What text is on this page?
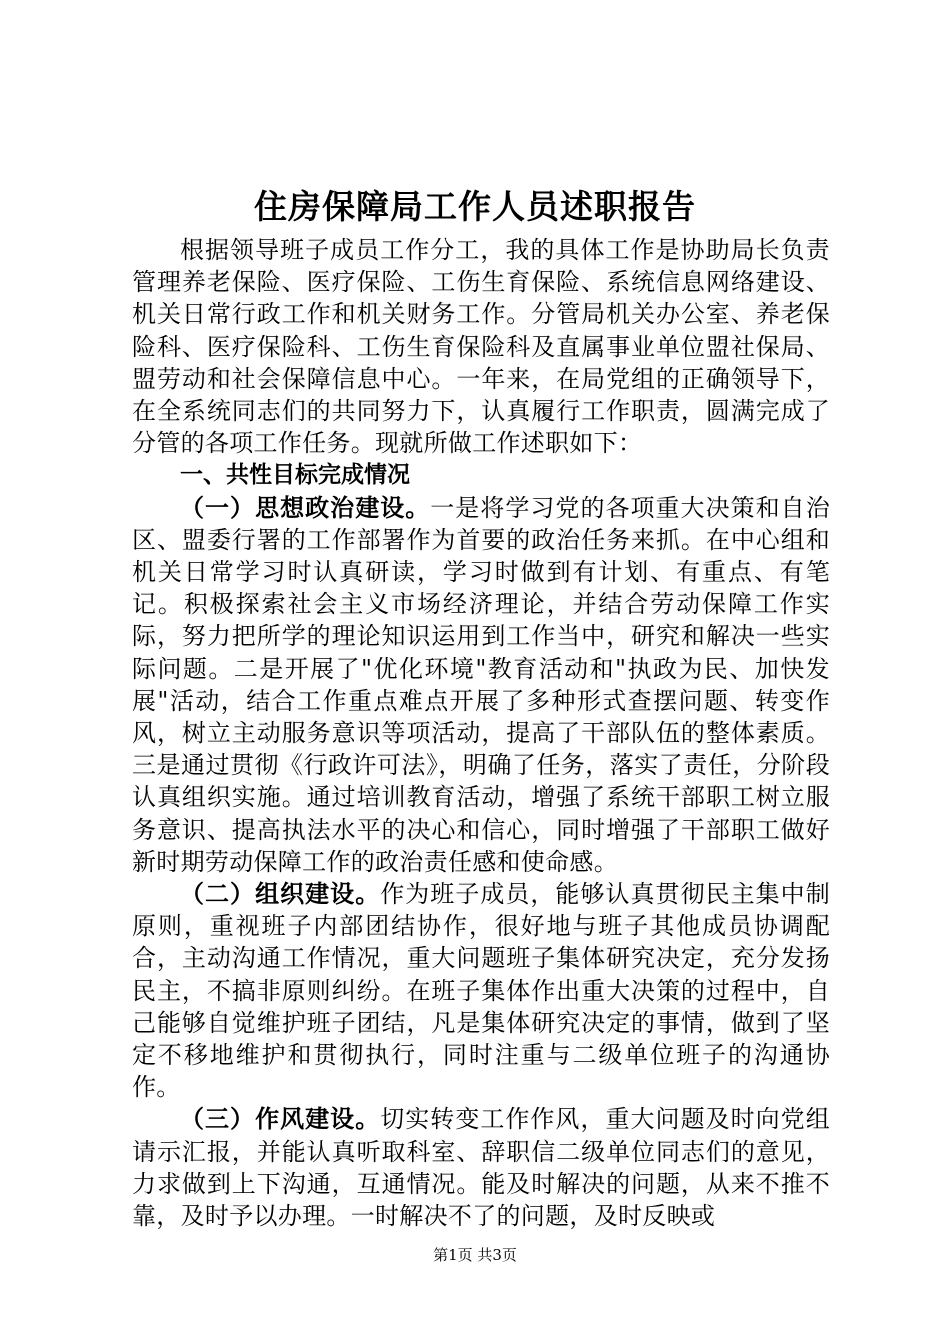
住房保障局工作人员述职报告

根据领导班子成员工作分工，我的具体工作是协助局长负责管理养老保险、医疗保险、工伤生育保险、系统信息网络建设、机关日常行政工作和机关财务工作。分管局机关办公室、养老保险科、医疗保险科、工伤生育保险科及直属事业单位盟社保局、盟劳动和社会保障信息中心。一年来，在局党组的正确领导下，在全系统同志们的共同努力下，认真履行工作职责，圆满完成了分管的各项工作任务。现就所做工作述职如下：

一、共性目标完成情况

（一）思想政治建设。一是将学习党的各项重大决策和自治区、盟委行署的工作部署作为首要的政治任务来抓。在中心组和机关日常学习时认真研读，学习时做到有计划、有重点、有笔记。积极探索社会主义市场经济理论，并结合劳动保障工作实际，努力把所学的理论知识运用到工作当中，研究和解决一些实际问题。二是开展了"优化环境"教育活动和"执政为民、加快发展"活动，结合工作重点难点开展了多种形式查摆问题、转变作风，树立主动服务意识等项活动，提高了干部队伍的整体素质。三是通过贯彻《行政许可法》，明确了任务，落实了责任，分阶段认真组织实施。通过培训教育活动，增强了系统干部职工树立服务意识、提高执法水平的决心和信心，同时增强了干部职工做好新时期劳动保障工作的政治责任感和使命感。

（二）组织建设。作为班子成员，能够认真贯彻民主集中制原则，重视班子内部团结协作，很好地与班子其他成员协调配合，主动沟通工作情况，重大问题班子集体研究决定，充分发扬民主，不搞非原则纠纷。在班子集体作出重大决策的过程中，自己能够自觉维护班子团结，凡是集体研究决定的事情，做到了坚定不移地维护和贯彻执行，同时注重与二级单位班子的沟通协作。

（三）作风建设。切实转变工作作风，重大问题及时向党组请示汇报，并能认真听取科室、辞职信二级单位同志们的意见，力求做到上下沟通，互通情况。能及时解决的问题，从来不推不靠，及时予以办理。一时解决不了的问题，及时反映或

第1页 共3页
